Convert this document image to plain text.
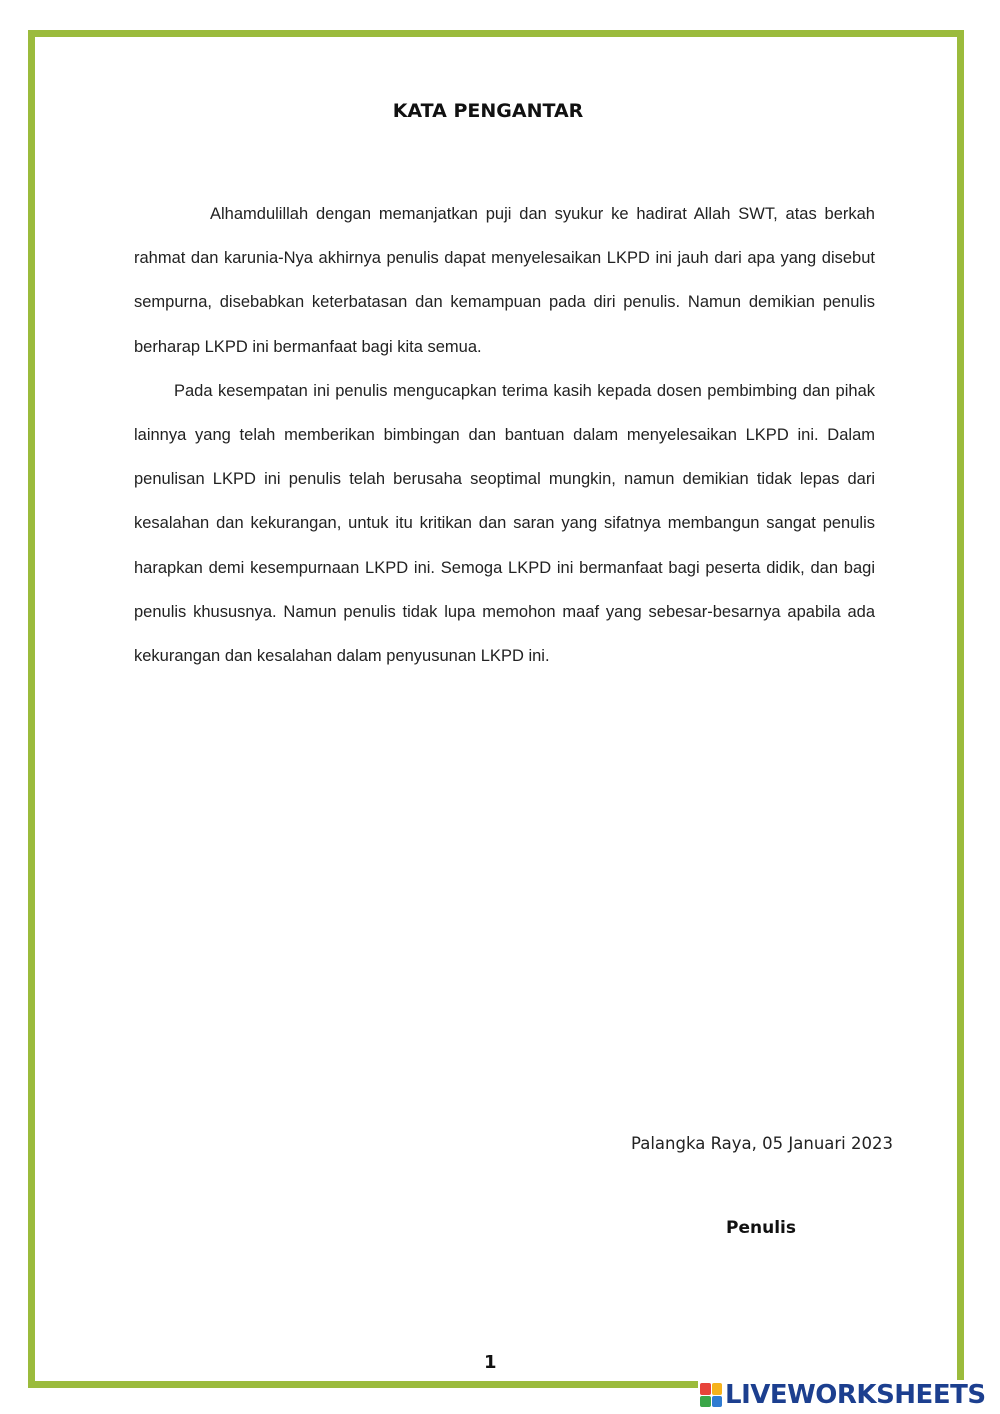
KATA PENGANTAR

Alhamdulillah dengan memanjatkan puji dan syukur ke hadirat Allah SWT, atas berkah rahmat dan karunia-Nya akhirnya penulis dapat menyelesaikan LKPD ini jauh dari apa yang disebut sempurna, disebabkan keterbatasan dan kemampuan pada diri penulis. Namun demikian penulis berharap LKPD ini bermanfaat bagi kita semua.

Pada kesempatan ini penulis mengucapkan terima kasih kepada dosen pembimbing dan pihak lainnya yang telah memberikan bimbingan dan bantuan dalam menyelesaikan LKPD ini. Dalam penulisan LKPD ini penulis telah berusaha seoptimal mungkin, namun demikian tidak lepas dari kesalahan dan kekurangan, untuk itu kritikan dan saran yang sifatnya membangun sangat penulis harapkan demi kesempurnaan LKPD ini. Semoga LKPD ini bermanfaat bagi peserta didik, dan bagi penulis khususnya. Namun penulis tidak lupa memohon maaf yang sebesar-besarnya apabila ada kekurangan dan kesalahan dalam penyusunan LKPD ini.

Palangka Raya, 05 Januari 2023
Penulis
1
LIVEWORKSHEETS
